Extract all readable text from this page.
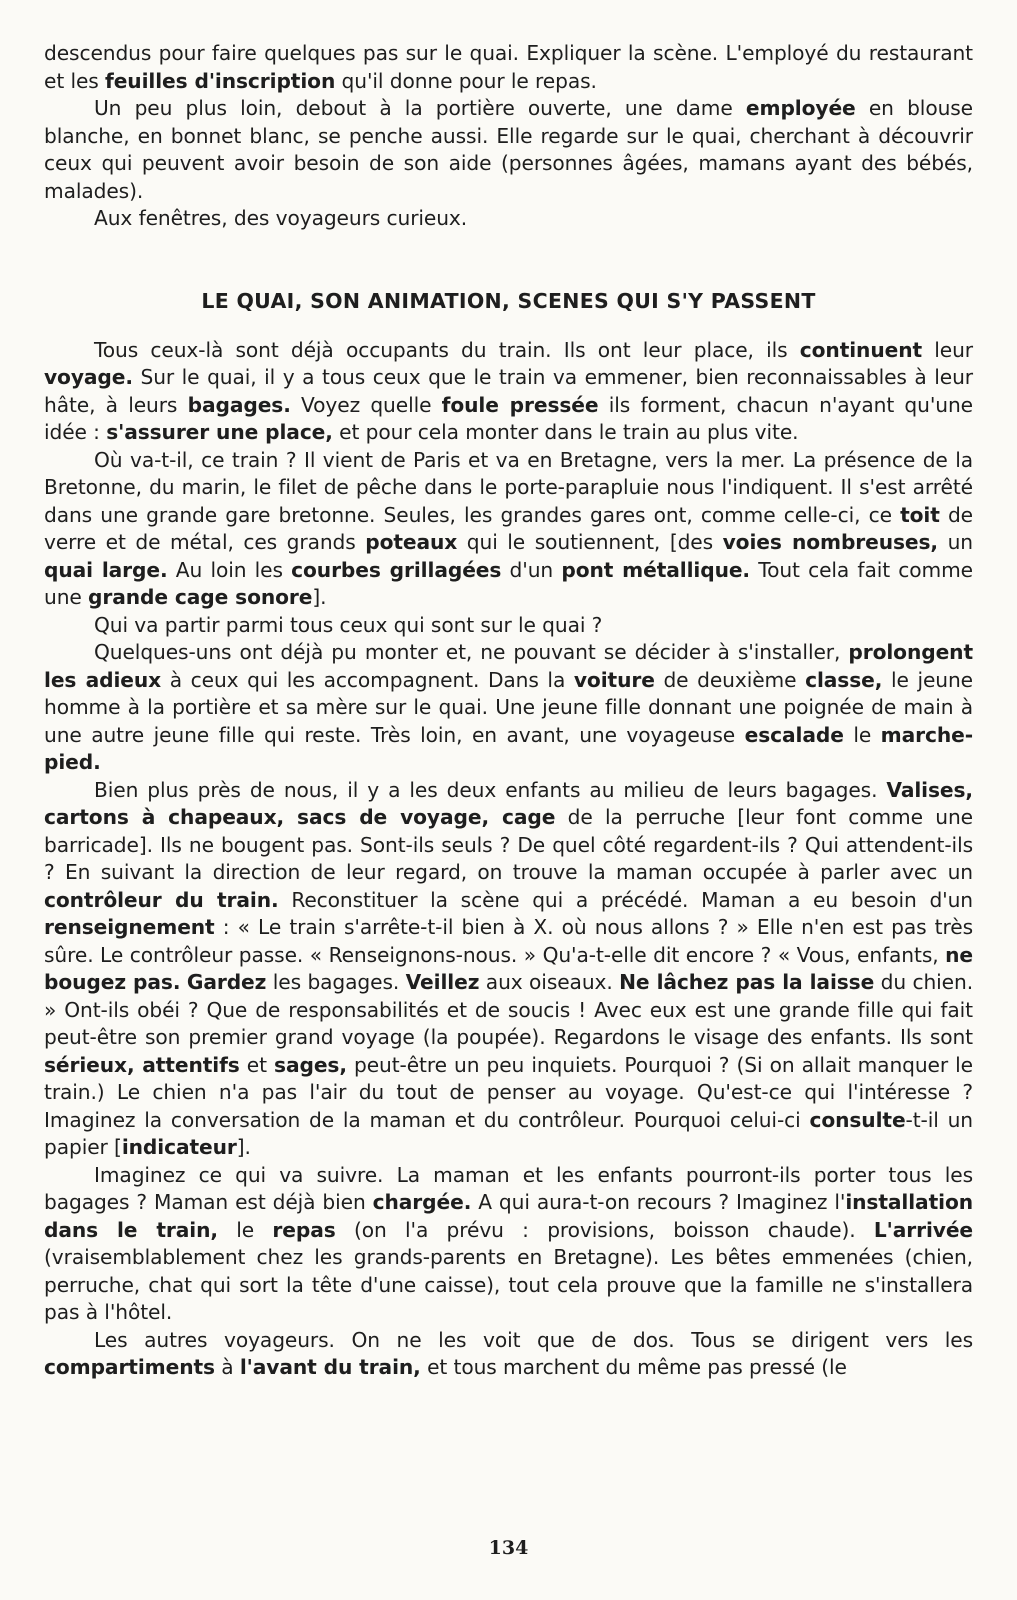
descendus pour faire quelques pas sur le quai. Expliquer la scène. L'employé du restaurant et les feuilles d'inscription qu'il donne pour le repas.

Un peu plus loin, debout à la portière ouverte, une dame employée en blouse blanche, en bonnet blanc, se penche aussi. Elle regarde sur le quai, cherchant à découvrir ceux qui peuvent avoir besoin de son aide (personnes âgées, mamans ayant des bébés, malades).

Aux fenêtres, des voyageurs curieux.

LE QUAI, SON ANIMATION, SCENES QUI S'Y PASSENT

Tous ceux-là sont déjà occupants du train. Ils ont leur place, ils continuent leur voyage. Sur le quai, il y a tous ceux que le train va emmener, bien reconnaissables à leur hâte, à leurs bagages. Voyez quelle foule pressée ils forment, chacun n'ayant qu'une idée : s'assurer une place, et pour cela monter dans le train au plus vite.

Où va-t-il, ce train ? Il vient de Paris et va en Bretagne, vers la mer. La présence de la Bretonne, du marin, le filet de pêche dans le porte-parapluie nous l'indiquent. Il s'est arrêté dans une grande gare bretonne. Seules, les grandes gares ont, comme celle-ci, ce toit de verre et de métal, ces grands poteaux qui le soutiennent, [des voies nombreuses, un quai large. Au loin les courbes grillagées d'un pont métallique. Tout cela fait comme une grande cage sonore].

Qui va partir parmi tous ceux qui sont sur le quai ?

Quelques-uns ont déjà pu monter et, ne pouvant se décider à s'installer, prolongent les adieux à ceux qui les accompagnent. Dans la voiture de deuxième classe, le jeune homme à la portière et sa mère sur le quai. Une jeune fille donnant une poignée de main à une autre jeune fille qui reste. Très loin, en avant, une voyageuse escalade le marche-pied.

Bien plus près de nous, il y a les deux enfants au milieu de leurs bagages. Valises, cartons à chapeaux, sacs de voyage, cage de la perruche [leur font comme une barricade]. Ils ne bougent pas. Sont-ils seuls ? De quel côté regardent-ils ? Qui attendent-ils ? En suivant la direction de leur regard, on trouve la maman occupée à parler avec un contrôleur du train. Reconstituer la scène qui a précédé. Maman a eu besoin d'un renseignement : « Le train s'arrête-t-il bien à X. où nous allons ? » Elle n'en est pas très sûre. Le contrôleur passe. « Renseignons-nous. » Qu'a-t-elle dit encore ? « Vous, enfants, ne bougez pas. Gardez les bagages. Veillez aux oiseaux. Ne lâchez pas la laisse du chien. » Ont-ils obéi ? Que de responsabilités et de soucis ! Avec eux est une grande fille qui fait peut-être son premier grand voyage (la poupée). Regardons le visage des enfants. Ils sont sérieux, attentifs et sages, peut-être un peu inquiets. Pourquoi ? (Si on allait manquer le train.) Le chien n'a pas l'air du tout de penser au voyage. Qu'est-ce qui l'intéresse ? Imaginez la conversation de la maman et du contrôleur. Pourquoi celui-ci consulte-t-il un papier [indicateur].

Imaginez ce qui va suivre. La maman et les enfants pourront-ils porter tous les bagages ? Maman est déjà bien chargée. A qui aura-t-on recours ? Imaginez l'installation dans le train, le repas (on l'a prévu : provisions, boisson chaude). L'arrivée (vraisemblablement chez les grands-parents en Bretagne). Les bêtes emmenées (chien, perruche, chat qui sort la tête d'une caisse), tout cela prouve que la famille ne s'installera pas à l'hôtel.

Les autres voyageurs. On ne les voit que de dos. Tous se dirigent vers les compartiments à l'avant du train, et tous marchent du même pas pressé (le

134
